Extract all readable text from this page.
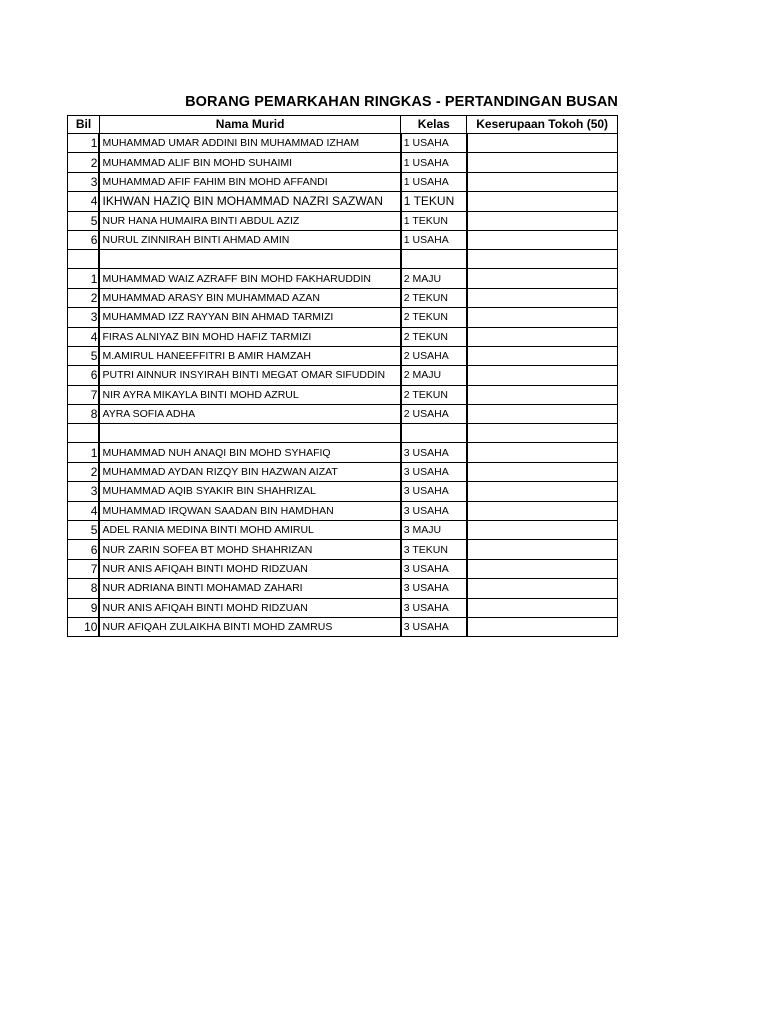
BORANG PEMARKAHAN RINGKAS - PERTANDINGAN BUSAN
Bil	Nama Murid	Kelas	Keserupaan Tokoh (50)
1	MUHAMMAD UMAR ADDINI BIN MUHAMMAD IZHAM	1 USAHA	
2	MUHAMMAD ALIF BIN MOHD SUHAIMI	1 USAHA	
3	MUHAMMAD AFIF FAHIM BIN MOHD AFFANDI	1 USAHA	
4	IKHWAN HAZIQ BIN MOHAMMAD NAZRI SAZWAN	1 TEKUN	
5	NUR HANA HUMAIRA BINTI ABDUL AZIZ	1 TEKUN	
6	NURUL ZINNIRAH BINTI AHMAD AMIN	1 USAHA	

1	MUHAMMAD WAIZ AZRAFF BIN MOHD FAKHARUDDIN	2 MAJU	
2	MUHAMMAD ARASY BIN MUHAMMAD AZAN	2 TEKUN	
3	MUHAMMAD IZZ RAYYAN BIN AHMAD TARMIZI	2 TEKUN	
4	FIRAS ALNIYAZ BIN MOHD HAFIZ TARMIZI	2 TEKUN	
5	M.AMIRUL HANEEFFITRI B AMIR HAMZAH	2 USAHA	
6	PUTRI AINNUR INSYIRAH BINTI MEGAT OMAR SIFUDDIN	2 MAJU	
7	NIR AYRA MIKAYLA BINTI MOHD AZRUL	2 TEKUN	
8	AYRA SOFIA ADHA	2 USAHA	

1	MUHAMMAD NUH ANAQI BIN MOHD SYHAFIQ	3 USAHA	
2	MUHAMMAD AYDAN RIZQY BIN HAZWAN AIZAT	3 USAHA	
3	MUHAMMAD AQIB SYAKIR BIN SHAHRIZAL	3 USAHA	
4	MUHAMMAD IRQWAN SAADAN BIN HAMDHAN	3 USAHA	
5	ADEL RANIA MEDINA BINTI MOHD AMIRUL	3 MAJU	
6	NUR ZARIN SOFEA BT MOHD SHAHRIZAN	3 TEKUN	
7	NUR ANIS AFIQAH BINTI MOHD RIDZUAN	3 USAHA	
8	NUR ADRIANA BINTI MOHAMAD ZAHARI	3 USAHA	
9	NUR ANIS AFIQAH BINTI MOHD RIDZUAN	3 USAHA	
10	NUR AFIQAH ZULAIKHA BINTI MOHD ZAMRUS	3 USAHA	
